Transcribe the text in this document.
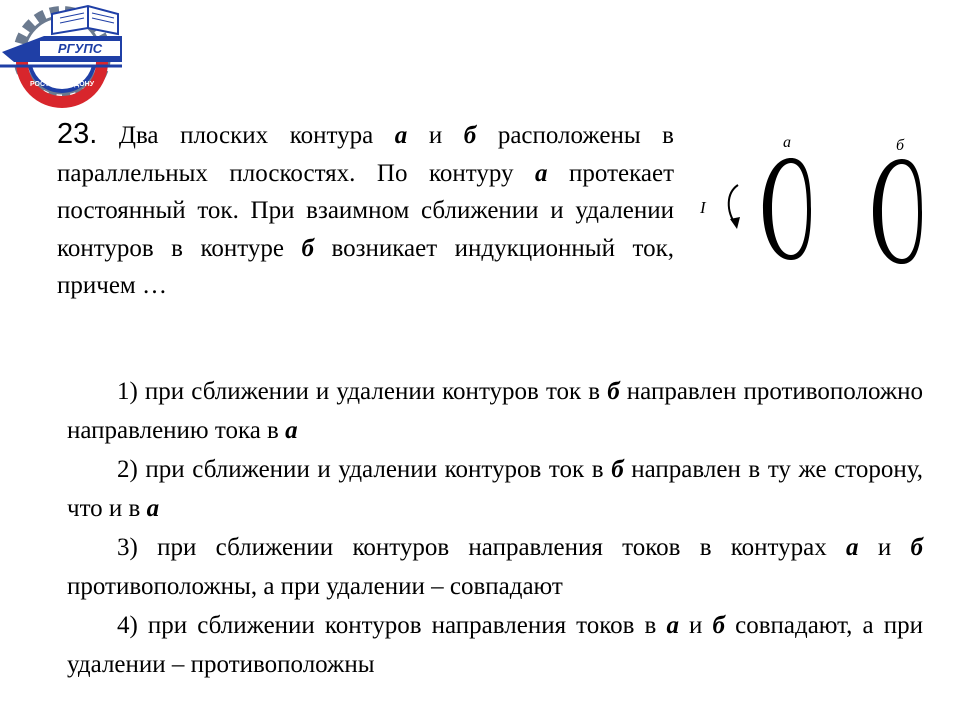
РОСТОВ-НА-ДОНУ
РГУПС
23. Два плоских контура а и б расположены в параллельных плоскостях. По контуру а протекает постоянный ток. При взаимном сближении и удалении контуров в контуре б возникает индукционный ток, причем …
а	б
I

1) при сближении и удалении контуров ток в б направлен противоположно направлению тока в а

2) при сближении и удалении контуров ток в б направлен в ту же сторону, что и в а

3) при сближении контуров направления токов в контурах а и б противоположны, а при удалении – совпадают

4) при сближении контуров направления токов в а и б совпадают, а при удалении – противоположны
